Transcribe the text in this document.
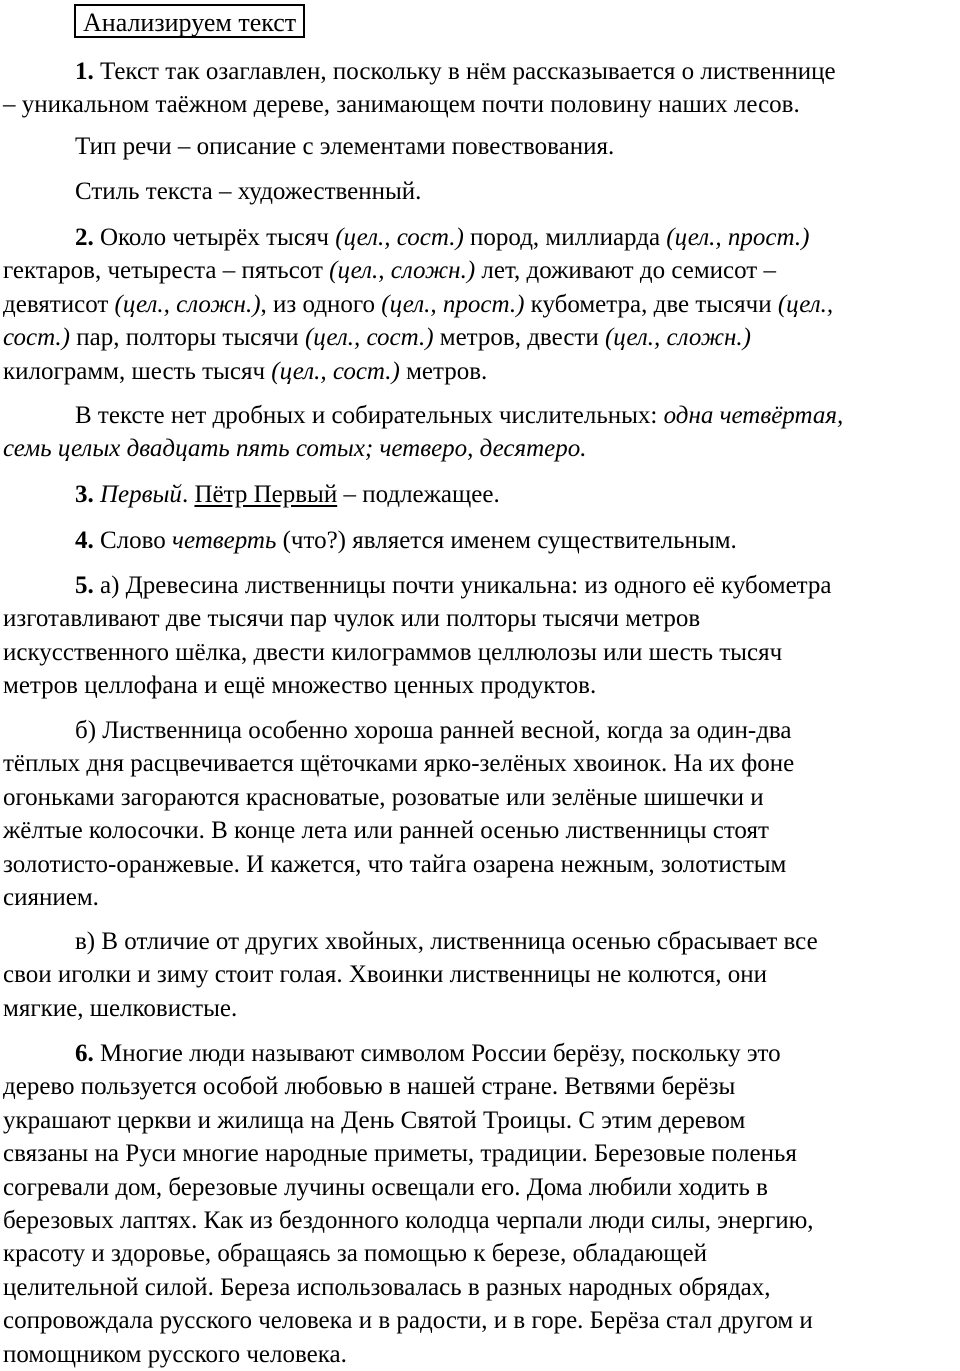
Анализируем текст

1. Текст так озаглавлен, поскольку в нём рассказывается о лиственнице
– уникальном таёжном дереве, занимающем почти половину наших лесов.

Тип речи – описание с элементами повествования.

Стиль текста – художественный.

2. Около четырёх тысяч (цел., сост.) пород, миллиарда (цел., прост.)
гектаров, четыреста – пятьсот (цел., сложн.) лет, доживают до семисот –
девятисот (цел., сложн.), из одного (цел., прост.) кубометра, две тысячи (цел.,
сост.) пар, полторы тысячи (цел., сост.) метров, двести (цел., сложн.)
килограмм, шесть тысяч (цел., сост.) метров.

В тексте нет дробных и собирательных числительных: одна четвёртая,
семь целых двадцать пять сотых; четверо, десятеро.

3. Первый. Пётр Первый – подлежащее.

4. Слово четверть (что?) является именем существительным.

5. а) Древесина лиственницы почти уникальна: из одного её кубометра
изготавливают две тысячи пар чулок или полторы тысячи метров
искусственного шёлка, двести килограммов целлюлозы или шесть тысяч
метров целлофана и ещё множество ценных продуктов.

б) Лиственница особенно хороша ранней весной, когда за один-два
тёплых дня расцвечивается щёточками ярко-зелёных хвоинок. На их фоне
огоньками загораются красноватые, розоватые или зелёные шишечки и
жёлтые колосочки. В конце лета или ранней осенью лиственницы стоят
золотисто-оранжевые. И кажется, что тайга озарена нежным, золотистым
сиянием.

в) В отличие от других хвойных, лиственница осенью сбрасывает все
свои иголки и зиму стоит голая. Хвоинки лиственницы не колются, они
мягкие, шелковистые.

6. Многие люди называют символом России берёзу, поскольку это
дерево пользуется особой любовью в нашей стране. Ветвями берёзы
украшают церкви и жилища на День Святой Троицы. С этим деревом
связаны на Руси многие народные приметы, традиции. Березовые поленья
согревали дом, березовые лучины освещали его. Дома любили ходить в
березовых лаптях. Как из бездонного колодца черпали люди силы, энергию,
красоту и здоровье, обращаясь за помощью к березе, обладающей
целительной силой. Береза использовалась в разных народных обрядах,
сопровождала русского человека и в радости, и в горе. Берёза стал другом и
помощником русского человека.
